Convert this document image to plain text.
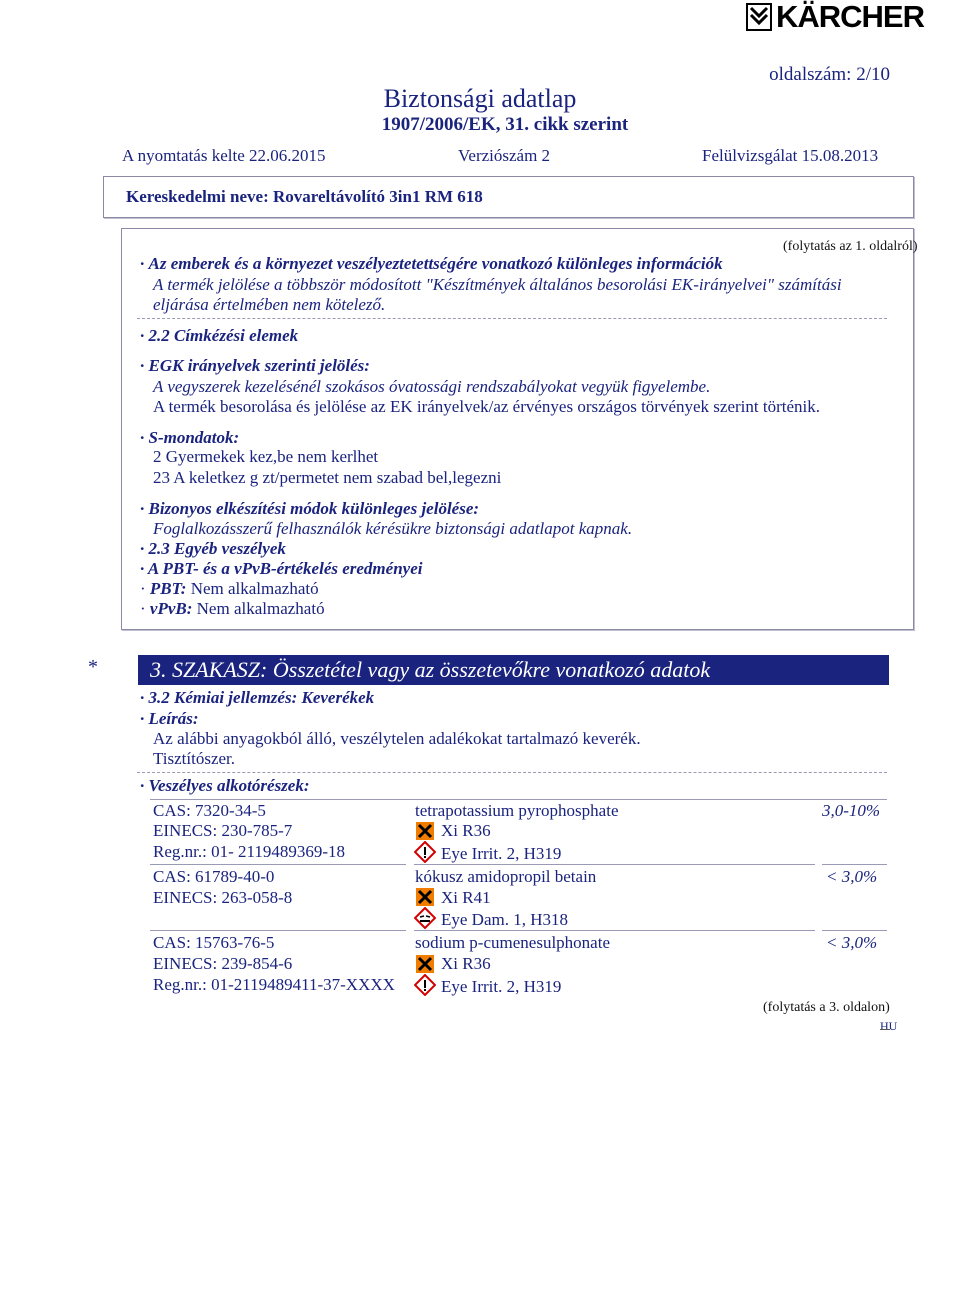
KÄRCHER
oldalszám: 2/10
Biztonsági adatlap
1907/2006/EK, 31. cikk szerint
A nyomtatás kelte 22.06.2015	Verziószám 2	Felülvizsgálat 15.08.2013
Kereskedelmi neve: Rovareltávolító 3in1 RM 618
(folytatás az 1. oldalról)
· Az emberek és a környezet veszélyeztetettségére vonatkozó különleges információk
A termék jelölése a többször módosított "Készítmények általános besorolási EK-irányelvei" számítási
eljárása értelmében nem kötelező.
· 2.2 Címkézési elemek
· EGK irányelvek szerinti jelölés:
A vegyszerek kezelésénél szokásos óvatossági rendszabályokat vegyük figyelembe.
A termék besorolása és jelölése az EK irányelvek/az érvényes országos törvények szerint történik.
· S-mondatok:
2 Gyermekek kez,be nem kerlhet
23 A keletkez g zt/permetet nem szabad bel,legezni
· Bizonyos elkészítési módok különleges jelölése:
Foglalkozásszerű felhasználók kérésükre biztonsági adatlapot kapnak.
· 2.3 Egyéb veszélyek
· A PBT- és a vPvB-értékelés eredményei
· PBT: Nem alkalmazható
· vPvB: Nem alkalmazható
* 3. SZAKASZ: Összetétel vagy az összetevőkre vonatkozó adatok
· 3.2 Kémiai jellemzés: Keverékek
· Leírás:
Az alábbi anyagokból álló, veszélytelen adalékokat tartalmazó keverék.
Tisztítószer.
· Veszélyes alkotórészek:
CAS: 7320-34-5
EINECS: 230-785-7
Reg.nr.: 01- 2119489369-18
tetrapotassium pyrophosphate
Xi R36
Eye Irrit. 2, H319
3,0-10%
CAS: 61789-40-0
EINECS: 263-058-8
kókusz amidopropil betain
Xi R41
Eye Dam. 1, H318
< 3,0%
CAS: 15763-76-5
EINECS: 239-854-6
Reg.nr.: 01-2119489411-37-XXXX
sodium p-cumenesulphonate
Xi R36
Eye Irrit. 2, H319
< 3,0%
(folytatás a 3. oldalon)
HU
